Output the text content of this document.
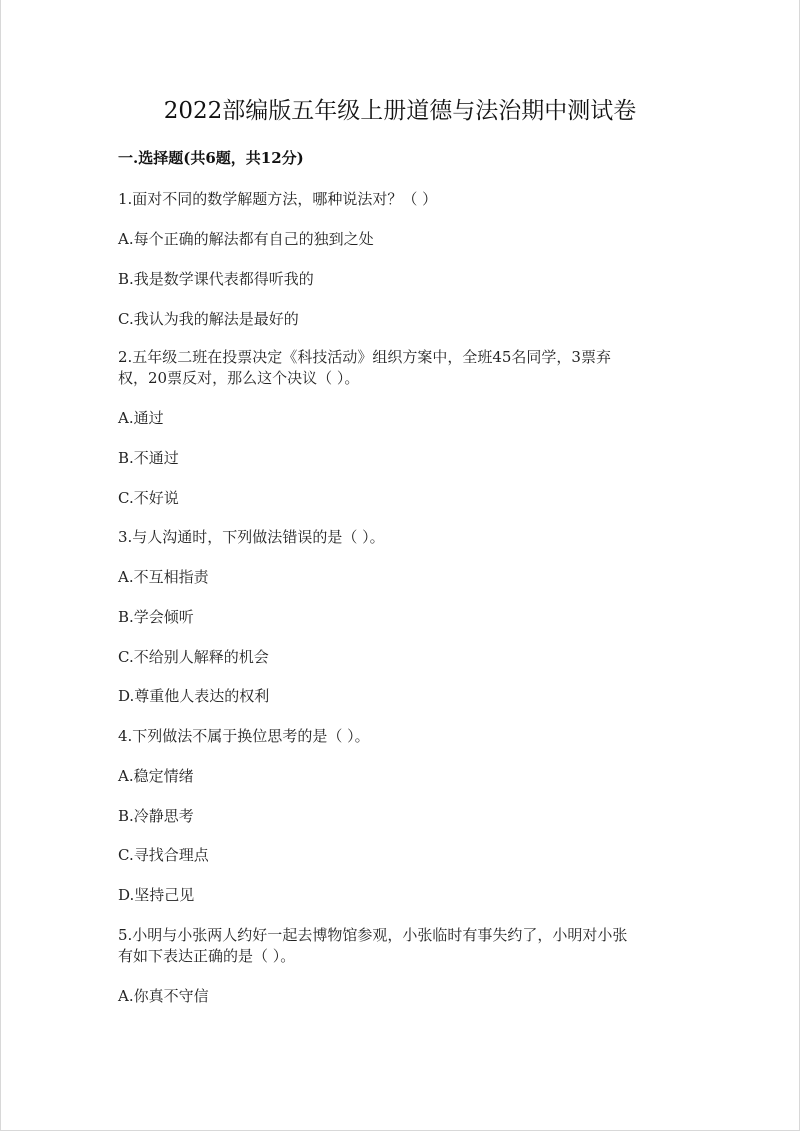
2022部编版五年级上册道德与法治期中测试卷
一.选择题(共6题，共12分)
1.面对不同的数学解题方法，哪种说法对？（ ）
A.每个正确的解法都有自己的独到之处
B.我是数学课代表都得听我的
C.我认为我的解法是最好的
2.五年级二班在投票决定《科技活动》组织方案中，全班45名同学，3票弃
权，20票反对，那么这个决议（ ）。
A.通过
B.不通过
C.不好说
3.与人沟通时，下列做法错误的是（ ）。
A.不互相指责
B.学会倾听
C.不给别人解释的机会
D.尊重他人表达的权利
4.下列做法不属于换位思考的是（ ）。
A.稳定情绪
B.冷静思考
C.寻找合理点
D.坚持己见
5.小明与小张两人约好一起去博物馆参观，小张临时有事失约了，小明对小张
有如下表达正确的是（ ）。
A.你真不守信
